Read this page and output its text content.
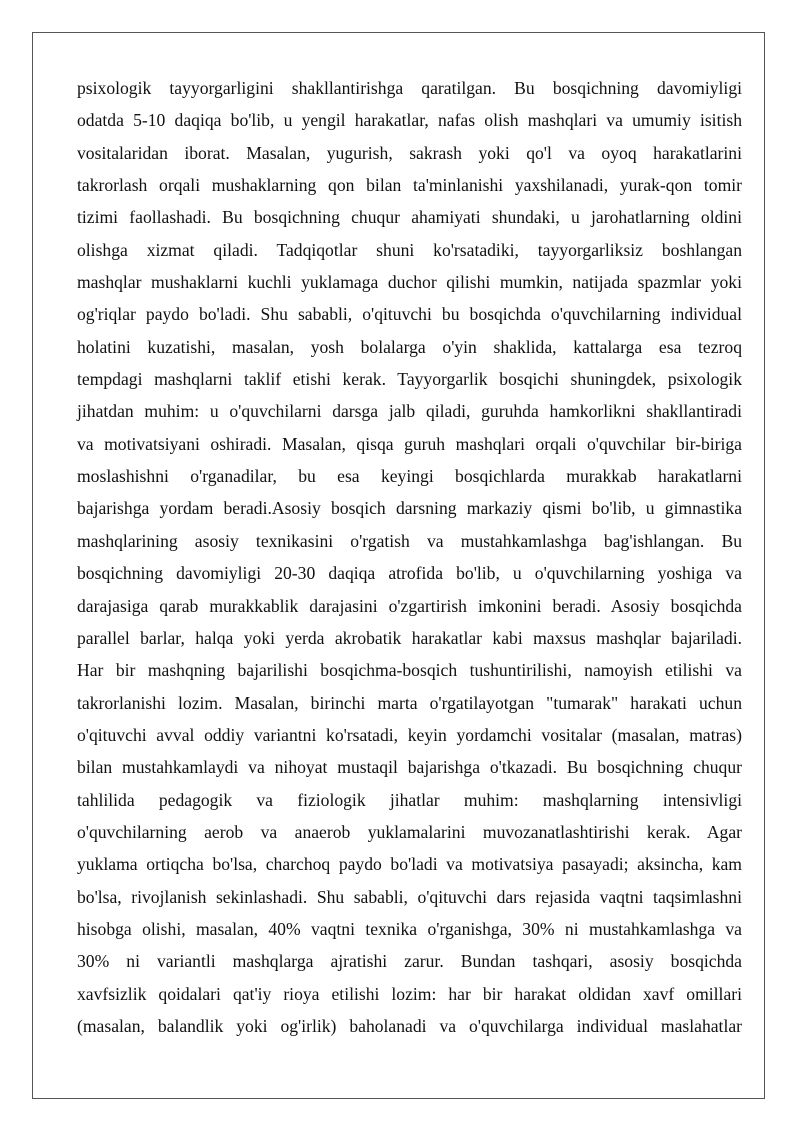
psixologik tayyorgarligini shakllantirishga qaratilgan. Bu bosqichning davomiyligi
odatda 5-10 daqiqa bo'lib, u yengil harakatlar, nafas olish mashqlari va umumiy isitish
vositalaridan iborat. Masalan, yugurish, sakrash yoki qo'l va oyoq harakatlarini
takrorlash orqali mushaklarning qon bilan ta'minlanishi yaxshilanadi, yurak-qon tomir
tizimi faollashadi. Bu bosqichning chuqur ahamiyati shundaki, u jarohatlarning oldini
olishga xizmat qiladi. Tadqiqotlar shuni ko'rsatadiki, tayyorgarliksiz boshlangan
mashqlar mushaklarni kuchli yuklamaga duchor qilishi mumkin, natijada spazmlar yoki
og'riqlar paydo bo'ladi. Shu sababli, o'qituvchi bu bosqichda o'quvchilarning individual
holatini kuzatishi, masalan, yosh bolalarga o'yin shaklida, kattalarga esa tezroq
tempdagi mashqlarni taklif etishi kerak. Tayyorgarlik bosqichi shuningdek, psixologik
jihatdan muhim: u o'quvchilarni darsga jalb qiladi, guruhda hamkorlikni shakllantiradi
va motivatsiyani oshiradi. Masalan, qisqa guruh mashqlari orqali o'quvchilar bir-biriga
moslashishni o'rganadilar, bu esa keyingi bosqichlarda murakkab harakatlarni
bajarishga yordam beradi.Asosiy bosqich darsning markaziy qismi bo'lib, u gimnastika
mashqlarining asosiy texnikasini o'rgatish va mustahkamlashga bag'ishlangan. Bu
bosqichning davomiyligi 20-30 daqiqa atrofida bo'lib, u o'quvchilarning yoshiga va
darajasiga qarab murakkablik darajasini o'zgartirish imkonini beradi. Asosiy bosqichda
parallel barlar, halqa yoki yerda akrobatik harakatlar kabi maxsus mashqlar bajariladi.
Har bir mashqning bajarilishi bosqichma-bosqich tushuntirilishi, namoyish etilishi va
takrorlanishi lozim. Masalan, birinchi marta o'rgatilayotgan "tumarak" harakati uchun
o'qituvchi avval oddiy variantni ko'rsatadi, keyin yordamchi vositalar (masalan, matras)
bilan mustahkamlaydi va nihoyat mustaqil bajarishga o'tkazadi. Bu bosqichning chuqur
tahlilida pedagogik va fiziologik jihatlar muhim: mashqlarning intensivligi
o'quvchilarning aerob va anaerob yuklamalarini muvozanatlashtirishi kerak. Agar
yuklama ortiqcha bo'lsa, charchoq paydo bo'ladi va motivatsiya pasayadi; aksincha, kam
bo'lsa, rivojlanish sekinlashadi. Shu sababli, o'qituvchi dars rejasida vaqtni taqsimlashni
hisobga olishi, masalan, 40% vaqtni texnika o'rganishga, 30% ni mustahkamlashga va
30% ni variantli mashqlarga ajratishi zarur. Bundan tashqari, asosiy bosqichda
xavfsizlik qoidalari qat'iy rioya etilishi lozim: har bir harakat oldidan xavf omillari
(masalan, balandlik yoki og'irlik) baholanadi va o'quvchilarga individual maslahatlar
